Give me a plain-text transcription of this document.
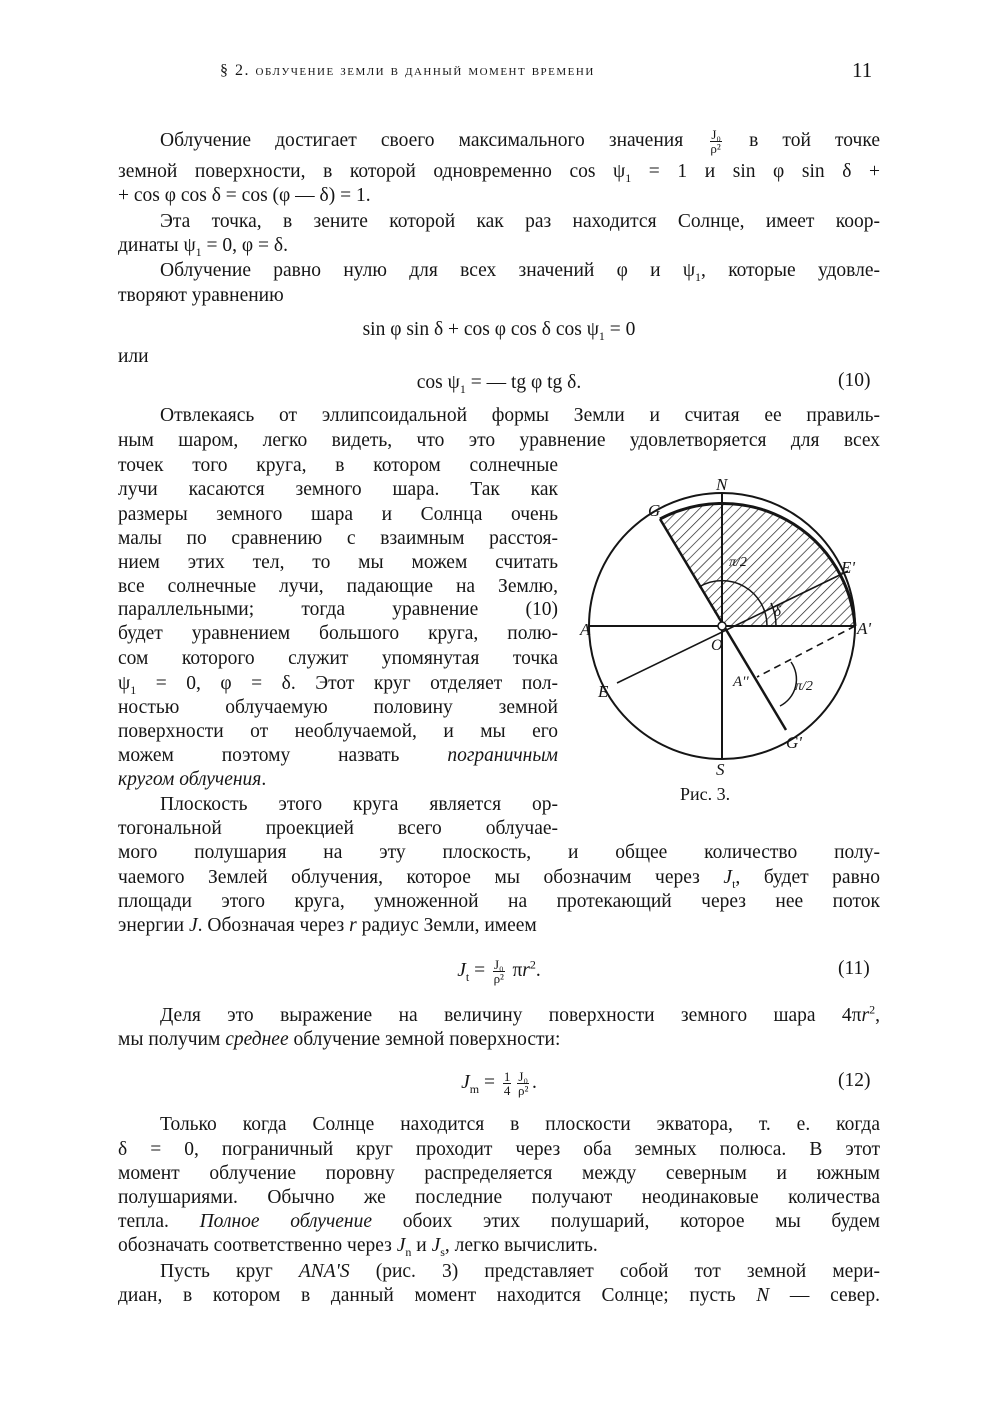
§ 2. облучение земли в данный момент времени	11
Облучение достигает своего максимального значения $\frac{\text{J₀}}{\text{ρ²}}$ в той точке
земной поверхности, в которой одновременно $\cos \psi_1 = 1$ и sin φ sin δ +
+ cos φ cos δ = cos (φ — δ) = 1.
Эта точка, в зените которой как раз находится Солнце, имеет коор-
динаты $\psi_1 = 0$, φ = δ.
Облучение равно нулю для всех значений φ и $\psi_1$, которые удовле-
творяют уравнению
sin φ sin δ + cos φ cos δ $\cos \psi_1 = 0$
или
$\cos \psi_1$ = — tg φ tg δ.
Отвлекаясь от эллипсоидальной формы Земли и считая ее правиль-
ным шаром, легко видеть, что это уравнение удовлетворяется для всех
точек того круга, в котором солнечные
лучи касаются земного шара. Так как
размеры земного шара и Солнца очень
малы по сравнению с взаимным расстоя-
нием этих тел, то мы можем считать
все солнечные лучи, падающие на Землю,
параллельными; тогда уравнение (10)
будет уравнением большого круга, полю-
сом которого служит упомянутая точка
$\psi_1 = 0$, φ = δ. Этот круг отделяет пол-
ностью облучаемую половину земной
поверхности от необлучаемой, и мы его
можем поэтому назвать пограничным
кругом облучения.
Плоскость этого круга является ор-
тогональной проекцией всего облучае-
мого полушария на эту плоскость, и общее количество полу-
чаемого Землей облучения, которое мы обозначим через $J_t$, будет равно
площади этого круга, умноженной на протекающий через нее поток
энергии J. Обозначая через r радиус Земли, имеем
$J_t = \frac{\text{J₀}}{\text{ρ²}} \pi r^2$.
Деля это выражение на величину поверхности земного шара $4\pi r^2$,
мы получим среднее облучение земной поверхности:
$J_m = \frac{1}{4} \frac{\text{J₀}}{\text{ρ²}}$ .
Только когда Солнце находится в плоскости экватора, т. е. когда
δ = 0, пограничный круг проходит через оба земных полюса. В этот
момент облучение поровну распределяется между северным и южным
полушариями. Обычно же последние получают неодинаковые количества
тепла. Полное облучение обоих этих полушарий, которое мы будем
обозначать соответственно через $J_n$ и $J_s$, легко вычислить.
Пусть круг ANA'S (рис. 3) представляет собой тот земной мери-
диан, в котором в данный момент находится Солнце; пусть N — север.
(10)
(11)
(12)
N
S
A	A'
G
G'
E
E'
O
A''
δ
π/2
π/2
Рис. 3.
